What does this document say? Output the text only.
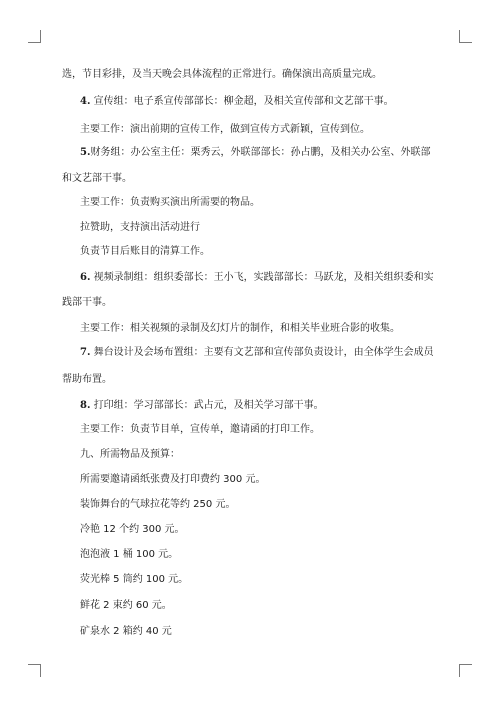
选，节目彩排，及当天晚会具体流程的正常进行。确保演出高质量完成。
4. 宣传组：电子系宣传部部长：柳金超，及相关宣传部和文艺部干事。
主要工作：演出前期的宣传工作，做到宣传方式新颖，宣传到位。
5.财务组：办公室主任：栗秀云，外联部部长：孙占鹏，及相关办公室、外联部
和文艺部干事。
主要工作：负责购买演出所需要的物品。
拉赞助，支持演出活动进行
负责节目后账目的清算工作。
6. 视频录制组：组织委部长：王小飞，实践部部长：马跃龙，及相关组织委和实
践部干事。
主要工作：相关视频的录制及幻灯片的制作，和相关毕业班合影的收集。
7. 舞台设计及会场布置组：主要有文艺部和宣传部负责设计，由全体学生会成员
帮助布置。
8. 打印组：学习部部长：武占元，及相关学习部干事。
主要工作：负责节目单，宣传单，邀请函的打印工作。
九、所需物品及预算：
所需要邀请函纸张费及打印费约 300 元。
装饰舞台的气球拉花等约 250 元。
冷艳 12 个约 300 元。
泡泡液 1 桶 100 元。
荧光棒 5 筒约 100 元。
鲜花 2 束约 60 元。
矿泉水 2 箱约 40 元
